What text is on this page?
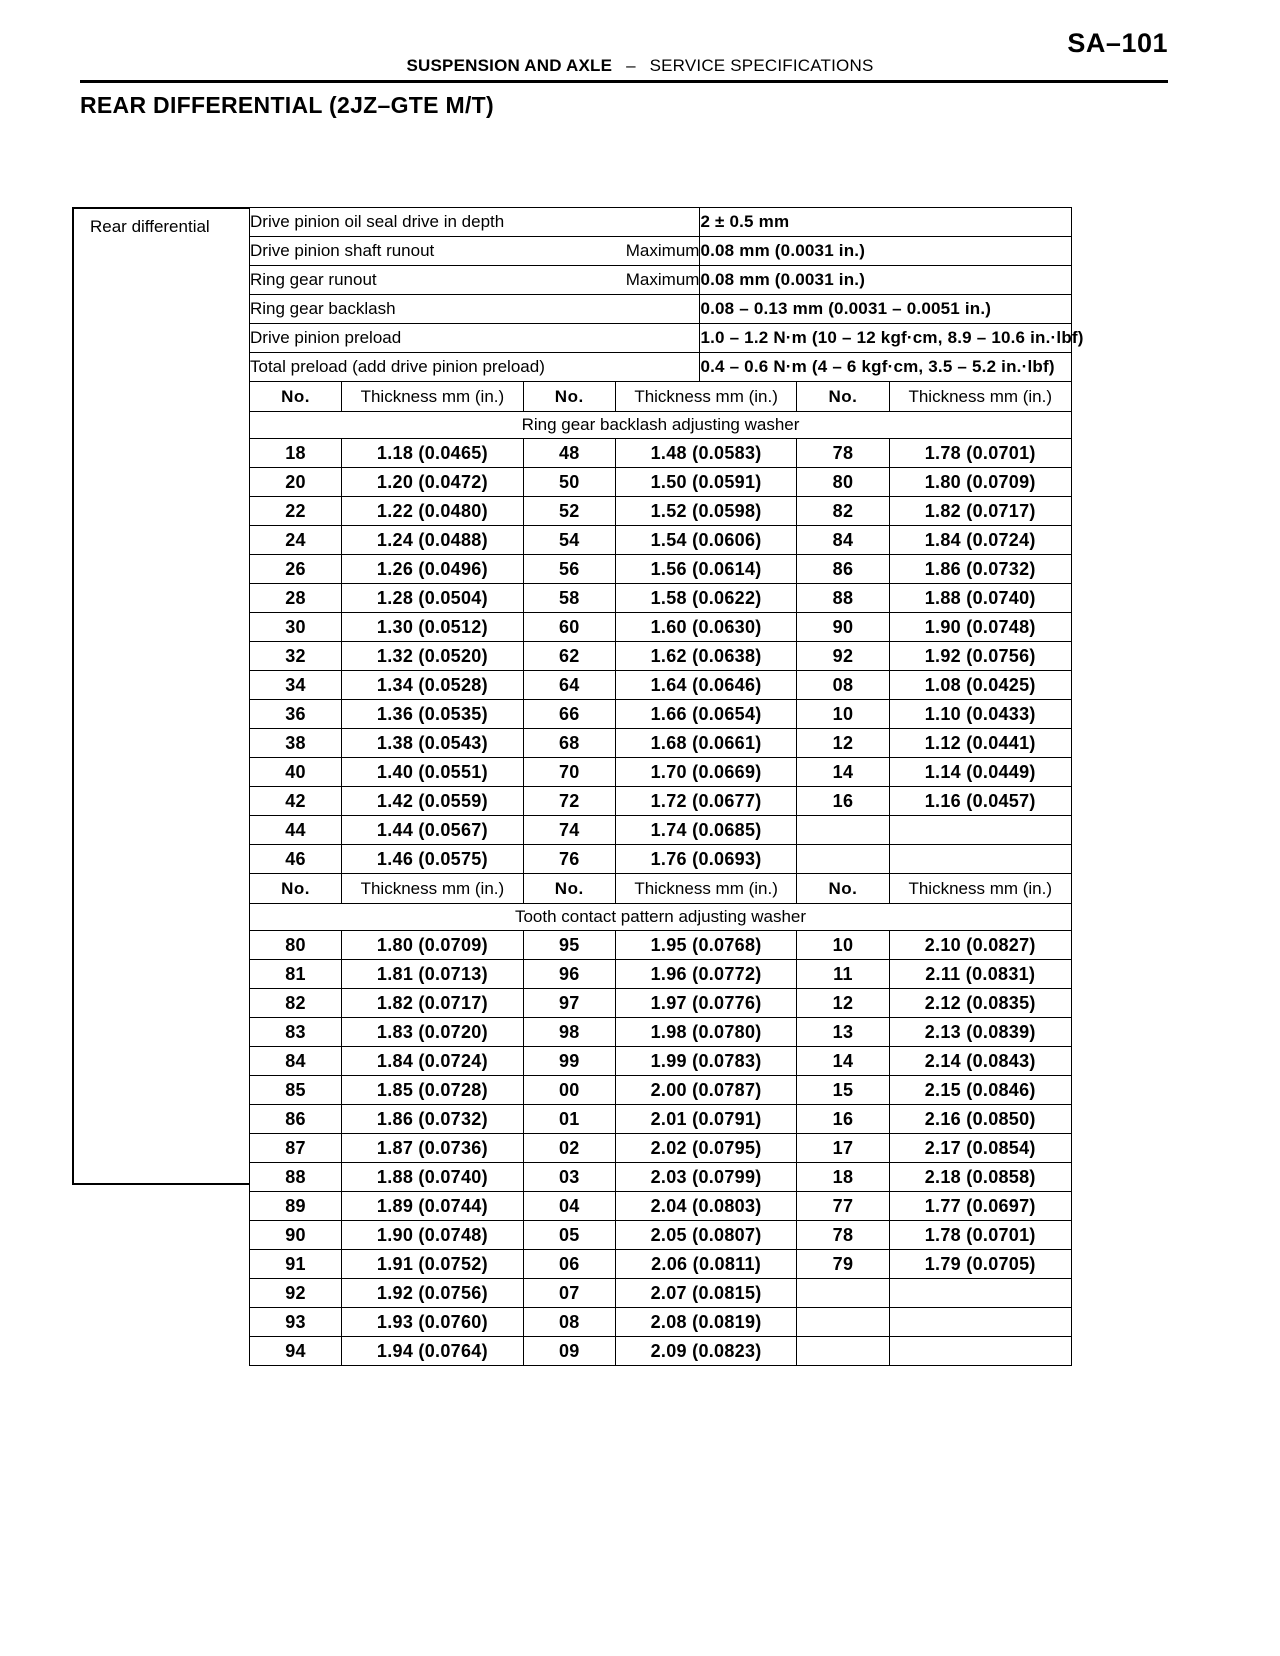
SA–101
SUSPENSION AND AXLE – SERVICE SPECIFICATIONS
REAR DIFFERENTIAL (2JZ–GTE M/T)
Rear differential Drive pinion oil seal drive in depth		2 ± 0.5 mm
Drive pinion shaft runout	Maximum	0.08 mm (0.0031 in.)
Ring gear runout	Maximum	0.08 mm (0.0031 in.)
Ring gear backlash		0.08 – 0.13 mm (0.0031 – 0.0051 in.)
Drive pinion preload		1.0 – 1.2 N·m (10 – 12 kgf·cm, 8.9 – 10.6 in.·lbf)
Total preload (add drive pinion preload)		0.4 – 0.6 N·m (4 – 6 kgf·cm, 3.5 – 5.2 in.·lbf)
Ring gear backlash adjusting washer					
No.	Thickness mm (in.)	No.	Thickness mm (in.)	No.	Thickness mm (in.)
18	1.18 (0.0465)	48	1.48 (0.0583)	78	1.78 (0.0701)
20	1.20 (0.0472)	50	1.50 (0.0591)	80	1.80 (0.0709)
22	1.22 (0.0480)	52	1.52 (0.0598)	82	1.82 (0.0717)
24	1.24 (0.0488)	54	1.54 (0.0606)	84	1.84 (0.0724)
26	1.26 (0.0496)	56	1.56 (0.0614)	86	1.86 (0.0732)
28	1.28 (0.0504)	58	1.58 (0.0622)	88	1.88 (0.0740)
30	1.30 (0.0512)	60	1.60 (0.0630)	90	1.90 (0.0748)
32	1.32 (0.0520)	62	1.62 (0.0638)	92	1.92 (0.0756)
34	1.34 (0.0528)	64	1.64 (0.0646)	08	1.08 (0.0425)
36	1.36 (0.0535)	66	1.66 (0.0654)	10	1.10 (0.0433)
38	1.38 (0.0543)	68	1.68 (0.0661)	12	1.12 (0.0441)
40	1.40 (0.0551)	70	1.70 (0.0669)	14	1.14 (0.0449)
42	1.42 (0.0559)	72	1.72 (0.0677)	16	1.16 (0.0457)
44	1.44 (0.0567)	74	1.74 (0.0685)		
46	1.46 (0.0575)	76	1.76 (0.0693)		
Tooth contact pattern adjusting washer					
No.	Thickness mm (in.)	No.	Thickness mm (in.)	No.	Thickness mm (in.)
80	1.80 (0.0709)	95	1.95 (0.0768)	10	2.10 (0.0827)
81	1.81 (0.0713)	96	1.96 (0.0772)	11	2.11 (0.0831)
82	1.82 (0.0717)	97	1.97 (0.0776)	12	2.12 (0.0835)
83	1.83 (0.0720)	98	1.98 (0.0780)	13	2.13 (0.0839)
84	1.84 (0.0724)	99	1.99 (0.0783)	14	2.14 (0.0843)
85	1.85 (0.0728)	00	2.00 (0.0787)	15	2.15 (0.0846)
86	1.86 (0.0732)	01	2.01 (0.0791)	16	2.16 (0.0850)
87	1.87 (0.0736)	02	2.02 (0.0795)	17	2.17 (0.0854)
88	1.88 (0.0740)	03	2.03 (0.0799)	18	2.18 (0.0858)
89	1.89 (0.0744)	04	2.04 (0.0803)	77	1.77 (0.0697)
90	1.90 (0.0748)	05	2.05 (0.0807)	78	1.78 (0.0701)
91	1.91 (0.0752)	06	2.06 (0.0811)	79	1.79 (0.0705)
92	1.92 (0.0756)	07	2.07 (0.0815)		
93	1.93 (0.0760)	08	2.08 (0.0819)		
94	1.94 (0.0764)	09	2.09 (0.0823)		
